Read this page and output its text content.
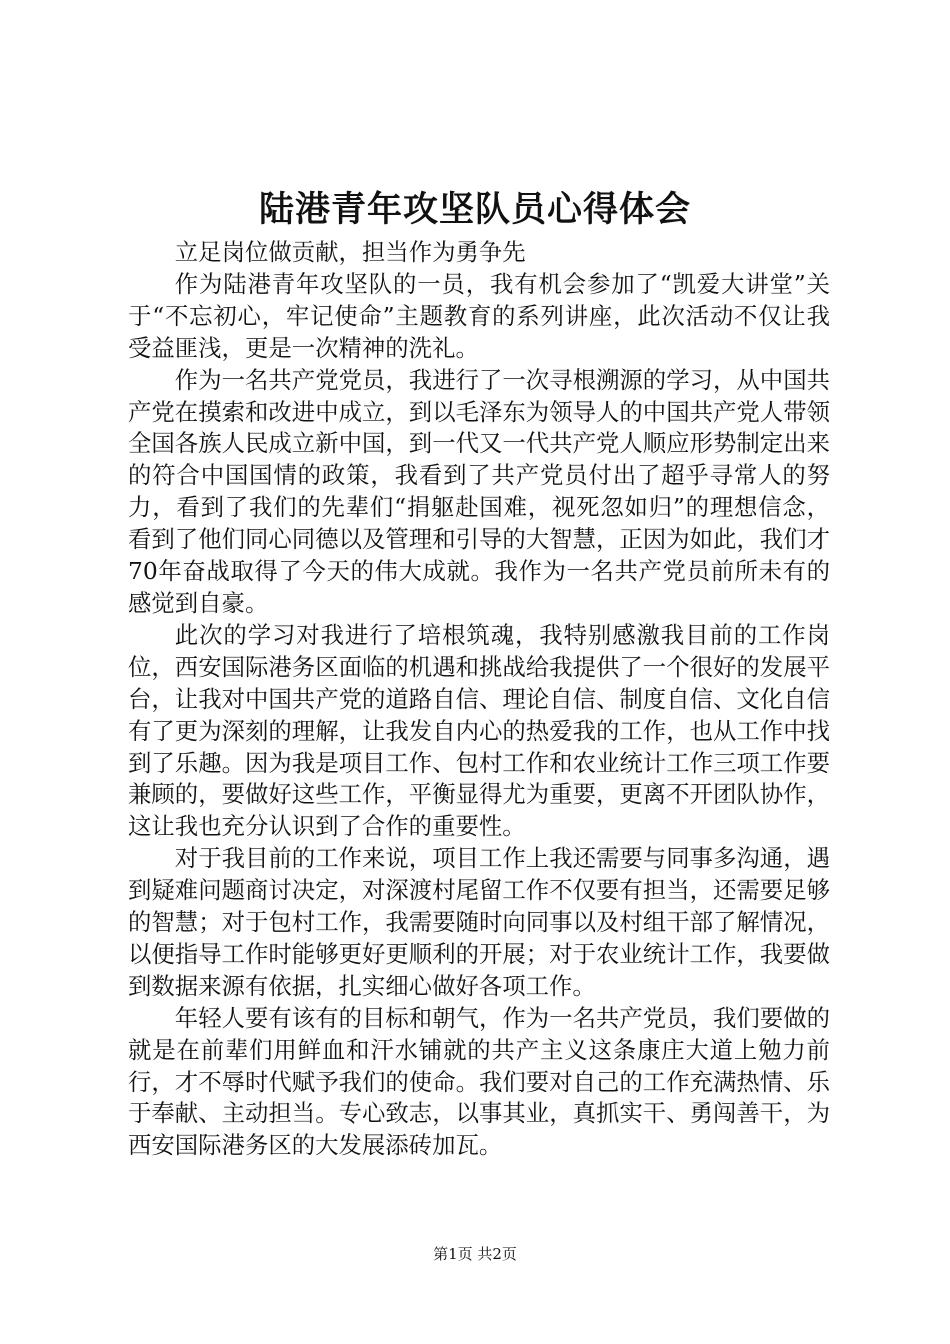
陆港青年攻坚队员心得体会

立足岗位做贡献，担当作为勇争先

作为陆港青年攻坚队的一员，我有机会参加了“凯爱大讲堂”关于“不忘初心，牢记使命”主题教育的系列讲座，此次活动不仅让我受益匪浅，更是一次精神的洗礼。

作为一名共产党党员，我进行了一次寻根溯源的学习，从中国共产党在摸索和改进中成立，到以毛泽东为领导人的中国共产党人带领全国各族人民成立新中国，到一代又一代共产党人顺应形势制定出来的符合中国国情的政策，我看到了共产党员付出了超乎寻常人的努力，看到了我们的先辈们“捐躯赴国难，视死忽如归”的理想信念，看到了他们同心同德以及管理和引导的大智慧，正因为如此，我们才70年奋战取得了今天的伟大成就。我作为一名共产党员前所未有的感觉到自豪。

此次的学习对我进行了培根筑魂，我特别感激我目前的工作岗位，西安国际港务区面临的机遇和挑战给我提供了一个很好的发展平台，让我对中国共产党的道路自信、理论自信、制度自信、文化自信有了更为深刻的理解，让我发自内心的热爱我的工作，也从工作中找到了乐趣。因为我是项目工作、包村工作和农业统计工作三项工作要兼顾的，要做好这些工作，平衡显得尤为重要，更离不开团队协作，这让我也充分认识到了合作的重要性。

对于我目前的工作来说，项目工作上我还需要与同事多沟通，遇到疑难问题商讨决定，对深渡村尾留工作不仅要有担当，还需要足够的智慧；对于包村工作，我需要随时向同事以及村组干部了解情况，以便指导工作时能够更好更顺利的开展；对于农业统计工作，我要做到数据来源有依据，扎实细心做好各项工作。

年轻人要有该有的目标和朝气，作为一名共产党员，我们要做的就是在前辈们用鲜血和汗水铺就的共产主义这条康庄大道上勉力前行，才不辱时代赋予我们的使命。我们要对自己的工作充满热情、乐于奉献、主动担当。专心致志，以事其业，真抓实干、勇闯善干，为西安国际港务区的大发展添砖加瓦。

第1页 共2页
